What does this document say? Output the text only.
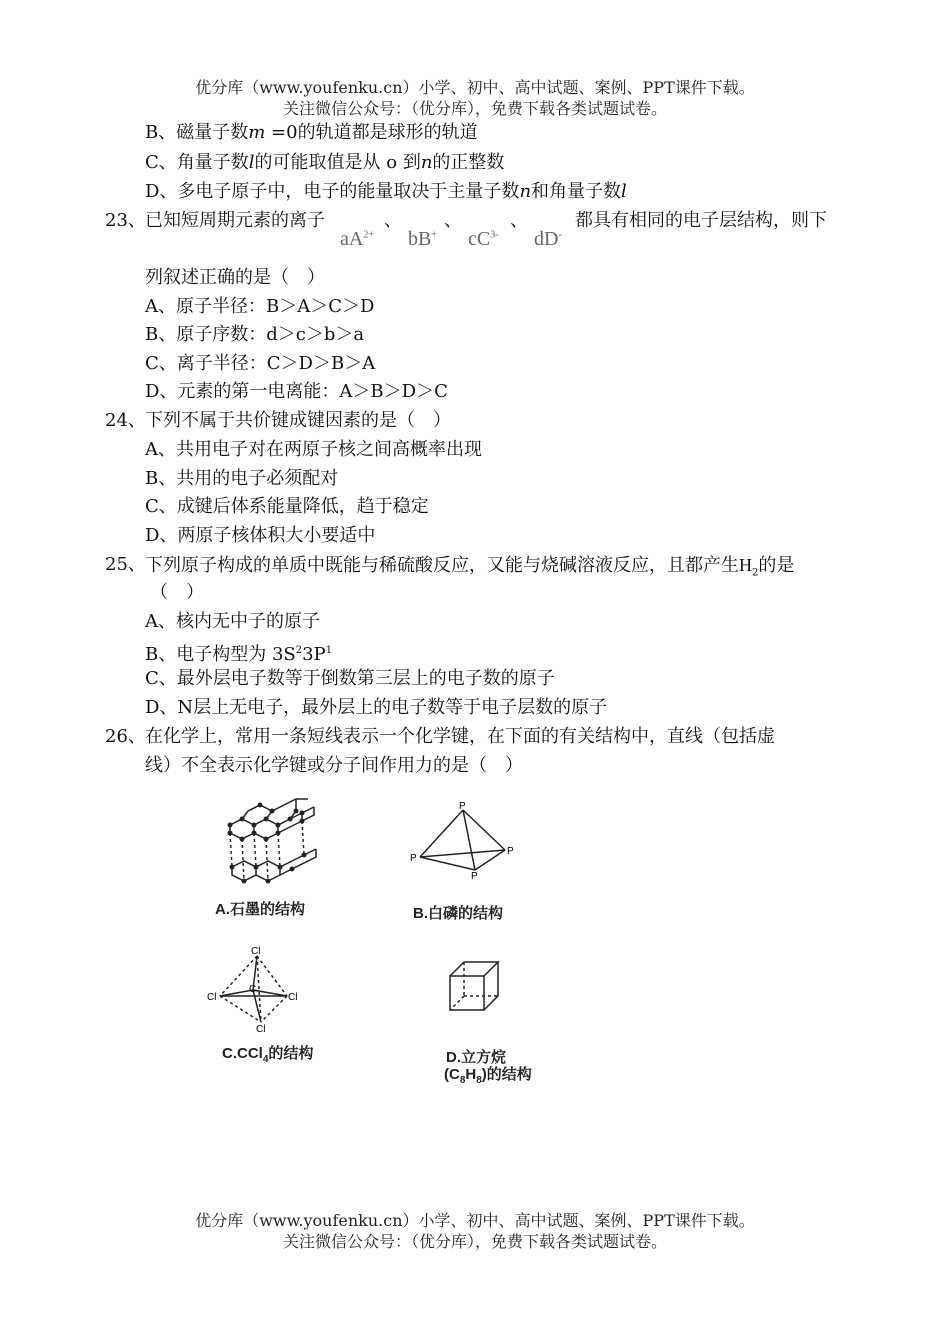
优分库（www.youfenku.cn）小学、初中、高中试题、案例、PPT课件下载。
关注微信公众号：（优分库），免费下载各类试题试卷。
B、磁量子数m =0的轨道都是球形的轨道
C、角量子数l的可能取值是从 o 到n的正整数
D、多电子原子中，电子的能量取决于主量子数n和角量子数l
23、 已知短周期元素的离子
$aA^{2+}$
、
bB+
、
$cC^{3-}$
、
dD-
都具有相同的电子层结构，则下
列叙述正确的是（　）
A、原子半径：B＞A＞C＞D
B、原子序数：d＞c＞b＞a
C、离子半径：C＞D＞B＞A
D、元素的第一电离能：A＞B＞D＞C
24、 下列不属于共价键成键因素的是（　）
A、共用电子对在两原子核之间高概率出现
B、共用的电子必须配对
C、成键后体系能量降低，趋于稳定
D、两原子核体积大小要适中
25、 下列原子构成的单质中既能与稀硫酸反应，又能与烧碱溶液反应，且都产生$H_2$的是
（　）
A、核内无中子的原子
B、电子构型为 $3S^23P^1$
C、最外层电子数等于倒数第三层上的电子数的原子
D、N层上无电子，最外层上的电子数等于电子层数的原子
26、 在化学上，常用一条短线表示一个化学键，在下面的有关结构中，直线（包括虚
线）不全表示化学键或分子间作用力的是（　）
A.石墨的结构
P
P
P
P
B.白磷的结构
Cl
Cl	Cl
Cl
C
C.CCl$_4$的结构	D.立方烷
$(C_8H_8)$的结构
优分库（www.youfenku.cn）小学、初中、高中试题、案例、PPT课件下载。
关注微信公众号：（优分库），免费下载各类试题试卷。
